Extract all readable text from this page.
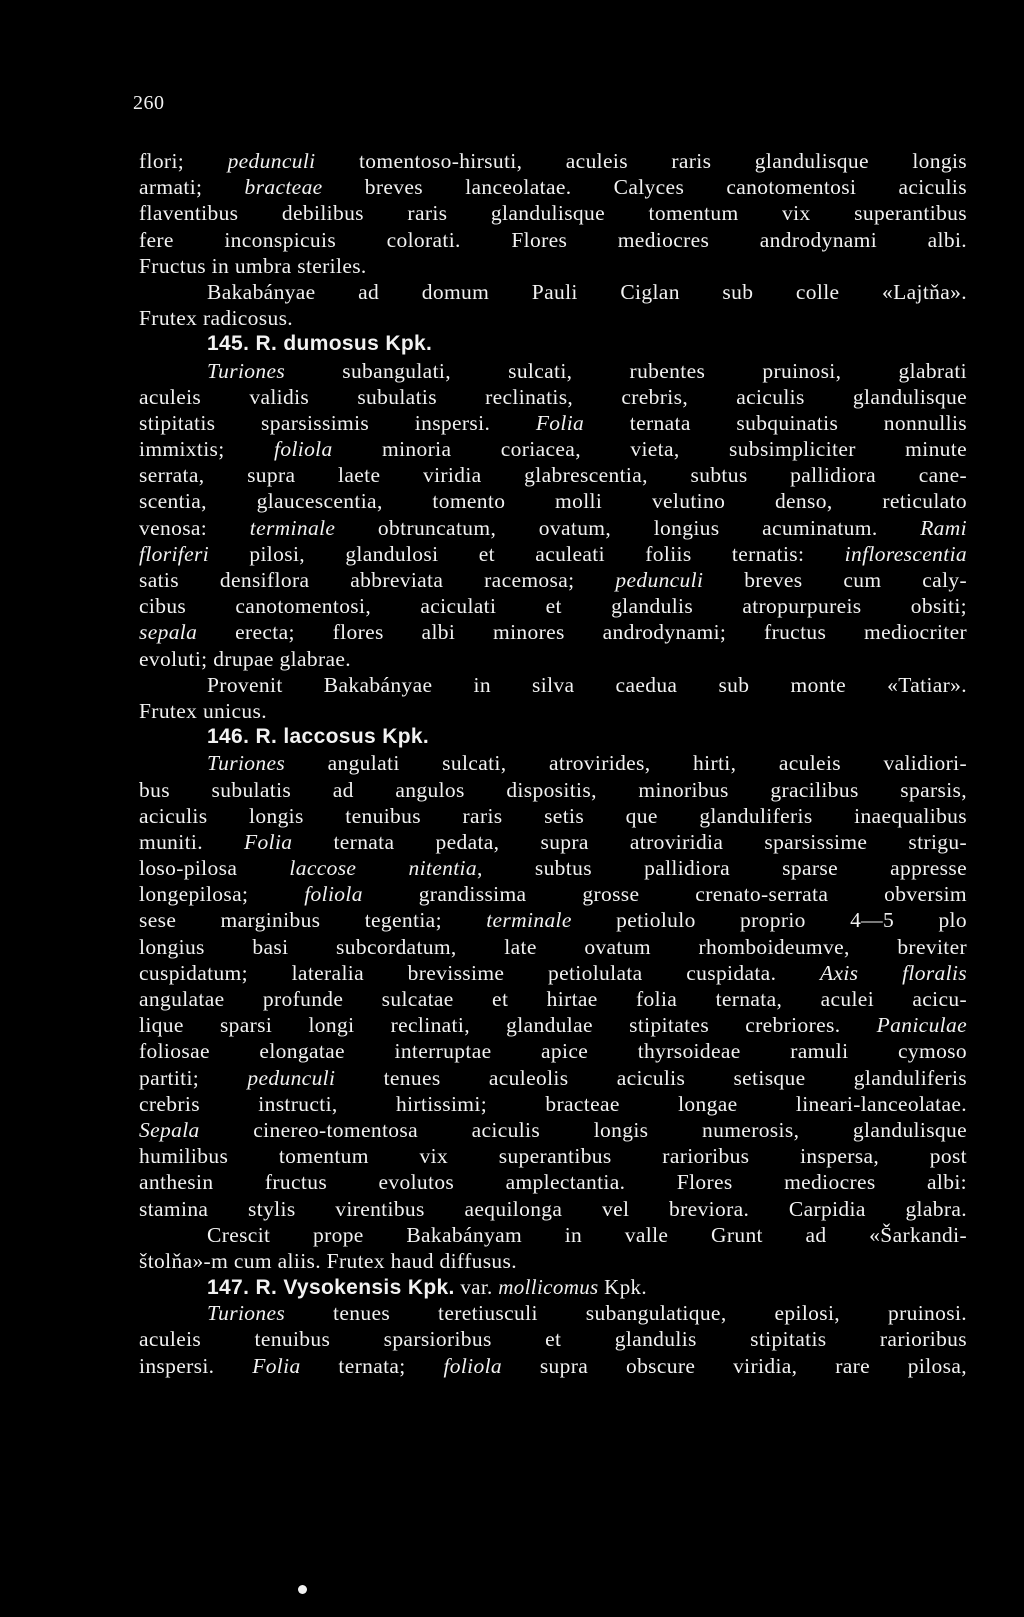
260
flori; pedunculi tomentoso-hirsuti, aculeis raris glandulisque longis
armati; bracteae breves lanceolatae. Calyces canotomentosi aciculis
flaventibus debilibus raris glandulisque tomentum vix superantibus
fere inconspicuis colorati. Flores mediocres androdynami albi.
Fructus in umbra steriles.
Bakabányae ad domum Pauli Ciglan sub colle «Lajtňa».
Frutex radicosus.
145. R. dumosus Kpk.
Turiones subangulati, sulcati, rubentes pruinosi, glabrati
aculeis validis subulatis reclinatis, crebris, aciculis glandulisque
stipitatis sparsissimis inspersi. Folia ternata subquinatis nonnullis
immixtis; foliola minoria coriacea, vieta, subsimpliciter minute
serrata, supra laete viridia glabrescentia, subtus pallidiora cane-
scentia, glaucescentia, tomento molli velutino denso, reticulato
venosa: terminale obtruncatum, ovatum, longius acuminatum. Rami
floriferi pilosi, glandulosi et aculeati foliis ternatis: inflorescentia
satis densiflora abbreviata racemosa; pedunculi breves cum caly-
cibus canotomentosi, aciculati et glandulis atropurpureis obsiti;
sepala erecta; flores albi minores androdynami; fructus mediocriter
evoluti; drupae glabrae.
Provenit Bakabányae in silva caedua sub monte «Tatiar».
Frutex unicus.
146. R. laccosus Kpk.
Turiones angulati sulcati, atrovirides, hirti, aculeis validiori-
bus subulatis ad angulos dispositis, minoribus gracilibus sparsis,
aciculis longis tenuibus raris setis que glanduliferis inaequalibus
muniti. Folia ternata pedata, supra atroviridia sparsissime strigu-
loso-pilosa laccose nitentia, subtus pallidiora sparse appresse
longepilosa; foliola grandissima grosse crenato-serrata obversim
sese marginibus tegentia; terminale petiolulo proprio 4—5 plo
longius basi subcordatum, late ovatum rhomboideumve, breviter
cuspidatum; lateralia brevissime petiolulata cuspidata. Axis floralis
angulatae profunde sulcatae et hirtae folia ternata, aculei acicu-
lique sparsi longi reclinati, glandulae stipitates crebriores. Paniculae
foliosae elongatae interruptae apice thyrsoideae ramuli cymoso
partiti; pedunculi tenues aculeolis aciculis setisque glanduliferis
crebris instructi, hirtissimi; bracteae longae lineari-lanceolatae.
Sepala cinereo-tomentosa aciculis longis numerosis, glandulisque
humilibus tomentum vix superantibus rarioribus inspersa, post
anthesin fructus evolutos amplectantia. Flores mediocres albi:
stamina stylis virentibus aequilonga vel breviora. Carpidia glabra.
Crescit prope Bakabányam in valle Grunt ad «Šarkandi-
štolňa»-m cum aliis. Frutex haud diffusus.
147. R. Vysokensis Kpk. var. mollicomus Kpk.
Turiones tenues teretiusculi subangulatique, epilosi, pruinosi.
aculeis tenuibus sparsioribus et glandulis stipitatis rarioribus
inspersi. Folia ternata; foliola supra obscure viridia, rare pilosa,
